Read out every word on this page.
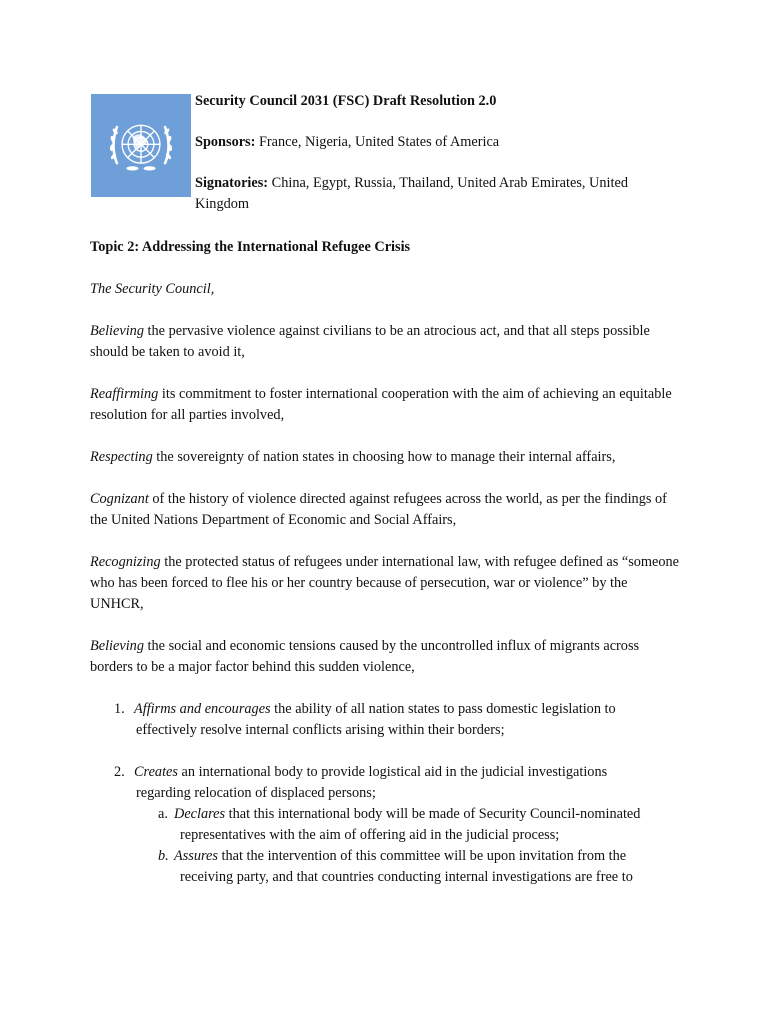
Security Council 2031 (FSC) Draft Resolution 2.0

Sponsors: France, Nigeria, United States of America

Signatories: China, Egypt, Russia, Thailand, United Arab Emirates, United Kingdom

Topic 2: Addressing the International Refugee Crisis

The Security Council,

Believing the pervasive violence against civilians to be an atrocious act, and that all steps possible should be taken to avoid it,

Reaffirming its commitment to foster international cooperation with the aim of achieving an equitable resolution for all parties involved,

Respecting the sovereignty of nation states in choosing how to manage their internal affairs,

Cognizant of the history of violence directed against refugees across the world, as per the findings of the United Nations Department of Economic and Social Affairs,

Recognizing the protected status of refugees under international law, with refugee defined as “someone who has been forced to flee his or her country because of persecution, war or violence” by the UNHCR,

Believing the social and economic tensions caused by the uncontrolled influx of migrants across borders to be a major factor behind this sudden violence,

1. Affirms and encourages the ability of all nation states to pass domestic legislation to
effectively resolve internal conflicts arising within their borders;
2. Creates an international body to provide logistical aid in the judicial investigations
regarding relocation of displaced persons;
a. Declares that this international body will be made of Security Council-nominated
representatives with the aim of offering aid in the judicial process;
b. Assures that the intervention of this committee will be upon invitation from the
receiving party, and that countries conducting internal investigations are free to
